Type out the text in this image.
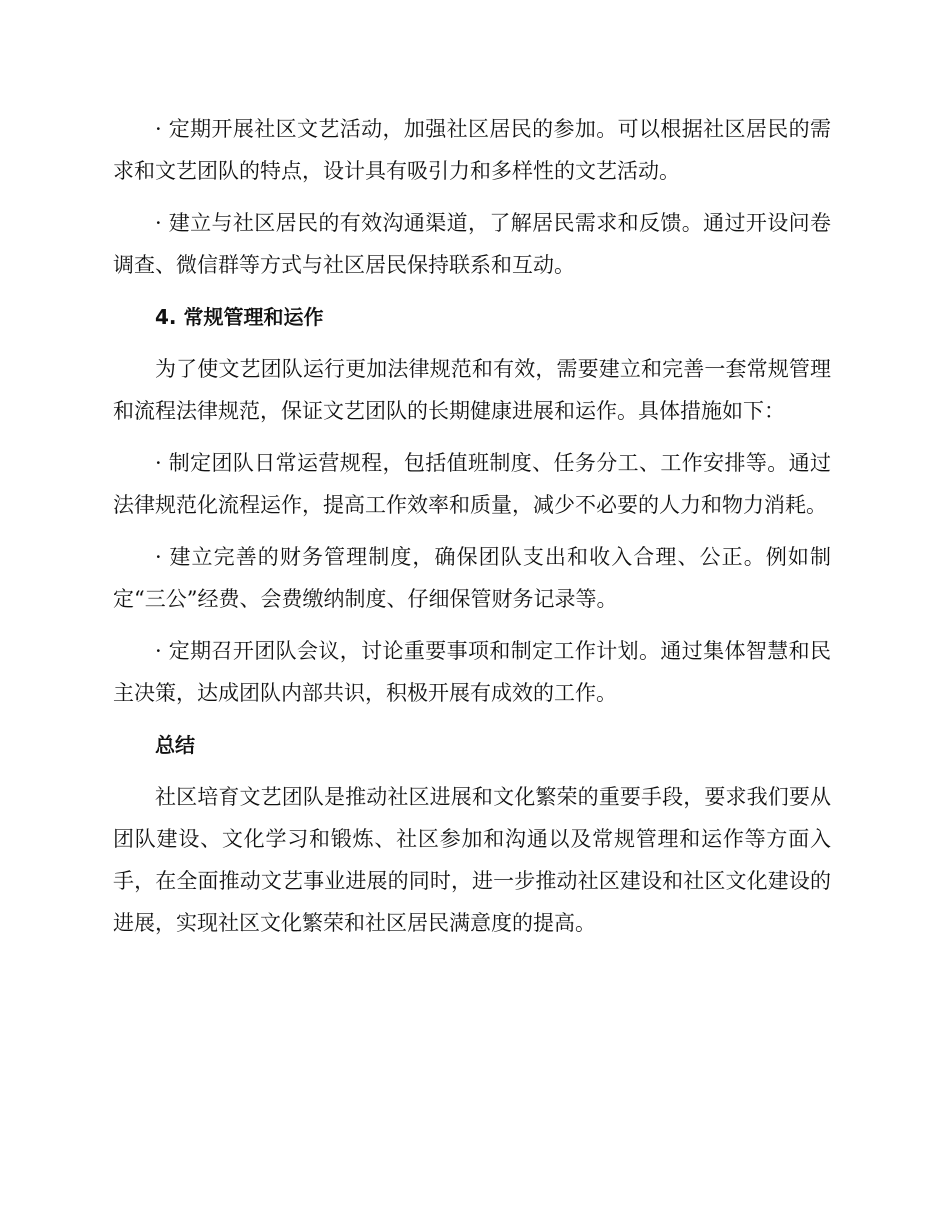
· 定期开展社区文艺活动，加强社区居民的参加。可以根据社区居民的需求和文艺团队的特点，设计具有吸引力和多样性的文艺活动。

· 建立与社区居民的有效沟通渠道，了解居民需求和反馈。通过开设问卷调查、微信群等方式与社区居民保持联系和互动。

4. 常规管理和运作

为了使文艺团队运行更加法律规范和有效，需要建立和完善一套常规管理和流程法律规范，保证文艺团队的长期健康进展和运作。具体措施如下：

· 制定团队日常运营规程，包括值班制度、任务分工、工作安排等。通过法律规范化流程运作，提高工作效率和质量，减少不必要的人力和物力消耗。

· 建立完善的财务管理制度，确保团队支出和收入合理、公正。例如制定“三公”经费、会费缴纳制度、仔细保管财务记录等。

· 定期召开团队会议，讨论重要事项和制定工作计划。通过集体智慧和民主决策，达成团队内部共识，积极开展有成效的工作。

总结

社区培育文艺团队是推动社区进展和文化繁荣的重要手段，要求我们要从团队建设、文化学习和锻炼、社区参加和沟通以及常规管理和运作等方面入手，在全面推动文艺事业进展的同时，进一步推动社区建设和社区文化建设的进展，实现社区文化繁荣和社区居民满意度的提高。
